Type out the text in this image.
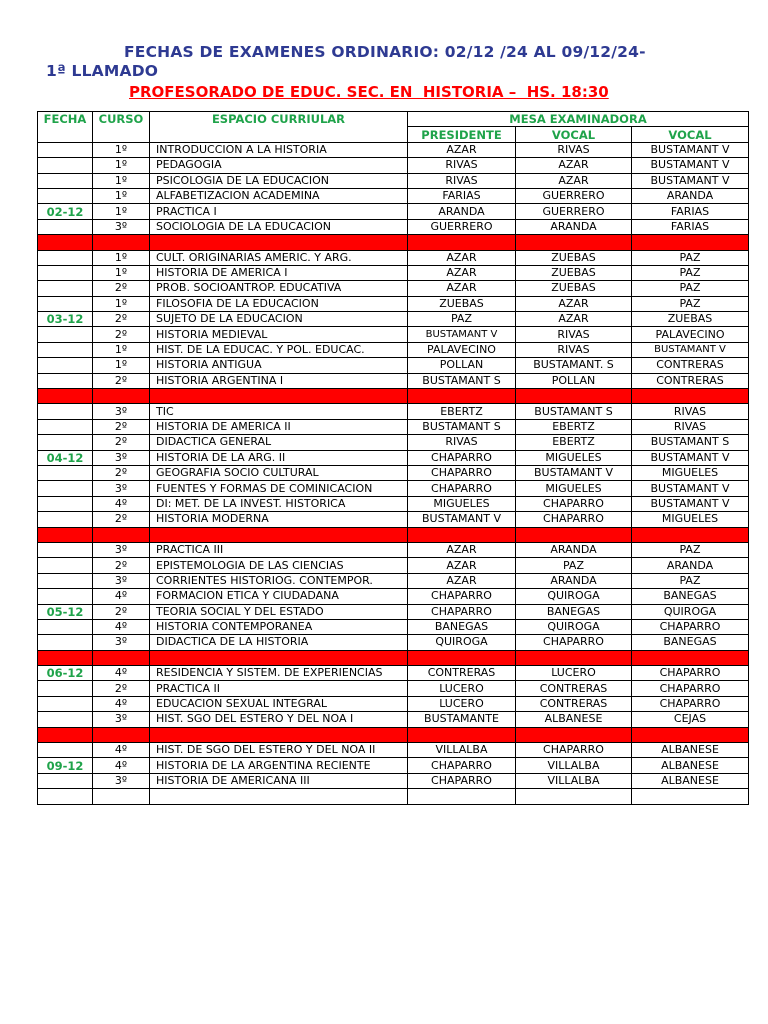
FECHAS DE EXAMENES ORDINARIO: 02/12 /24 AL 09/12/24-
1ª LLAMADO
PROFESORADO DE EDUC. SEC. EN  HISTORIA –  HS. 18:30
FECHA	CURSO	ESPACIO CURRIULAR	MESA EXAMINADORA		
			PRESIDENTE	VOCAL	VOCAL
	1º	INTRODUCCION A LA HISTORIA	AZAR	RIVAS	BUSTAMANT V
	1º	PEDAGOGIA	RIVAS	AZAR	BUSTAMANT V
	1º	PSICOLOGIA DE LA EDUCACION	RIVAS	AZAR	BUSTAMANT V
	1º	ALFABETIZACION ACADEMINA	FARIAS	GUERRERO	ARANDA
02-12	1º	PRACTICA I	ARANDA	GUERRERO	FARIAS
	3º	SOCIOLOGIA DE LA EDUCACION	GUERRERO	ARANDA	FARIAS

	1º	CULT. ORIGINARIAS AMERIC. Y ARG.	AZAR	ZUEBAS	PAZ
	1º	HISTORIA DE AMERICA I	AZAR	ZUEBAS	PAZ
	2º	PROB. SOCIOANTROP. EDUCATIVA	AZAR	ZUEBAS	PAZ
	1º	FILOSOFIA DE LA EDUCACION	ZUEBAS	AZAR	PAZ
03-12	2º	SUJETO DE LA EDUCACION	PAZ	AZAR	ZUEBAS
	2º	HISTORIA MEDIEVAL	BUSTAMANT V	RIVAS	PALAVECINO
	1º	HIST. DE LA EDUCAC. Y POL. EDUCAC.	PALAVECINO	RIVAS	BUSTAMANT V
	1º	HISTORIA ANTIGUA	POLLAN	BUSTAMANT. S	CONTRERAS
	2º	HISTORIA ARGENTINA I	BUSTAMANT S	POLLAN	CONTRERAS

	3º	TIC	EBERTZ	BUSTAMANT S	RIVAS
	2º	HISTORIA DE AMERICA II	BUSTAMANT S	EBERTZ	RIVAS
	2º	DIDACTICA GENERAL	RIVAS	EBERTZ	BUSTAMANT S
04-12	3º	HISTORIA DE LA ARG. II	CHAPARRO	MIGUELES	BUSTAMANT V
	2º	GEOGRAFIA SOCIO CULTURAL	CHAPARRO	BUSTAMANT V	MIGUELES
	3º	FUENTES Y FORMAS DE COMINICACION	CHAPARRO	MIGUELES	BUSTAMANT V
	4º	DI: MET. DE LA INVEST. HISTORICA	MIGUELES	CHAPARRO	BUSTAMANT V
	2º	HISTORIA MODERNA	BUSTAMANT V	CHAPARRO	MIGUELES

	3º	PRACTICA III	AZAR	ARANDA	PAZ
	2º	EPISTEMOLOGIA DE LAS CIENCIAS	AZAR	PAZ	ARANDA
	3º	CORRIENTES HISTORIOG. CONTEMPOR.	AZAR	ARANDA	PAZ
	4º	FORMACION ETICA Y CIUDADANA	CHAPARRO	QUIROGA	BANEGAS
05-12	2º	TEORIA SOCIAL Y DEL ESTADO	CHAPARRO	BANEGAS	QUIROGA
	4º	HISTORIA CONTEMPORANEA	BANEGAS	QUIROGA	CHAPARRO
	3º	DIDACTICA DE LA HISTORIA	QUIROGA	CHAPARRO	BANEGAS

06-12	4º	RESIDENCIA Y SISTEM. DE EXPERIENCIAS	CONTRERAS	LUCERO	CHAPARRO
	2º	PRACTICA II	LUCERO	CONTRERAS	CHAPARRO
	4º	EDUCACION SEXUAL INTEGRAL	LUCERO	CONTRERAS	CHAPARRO
	3º	HIST. SGO DEL ESTERO Y DEL NOA I	BUSTAMANTE	ALBANESE	CEJAS

	4º	HIST. DE SGO DEL ESTERO Y DEL NOA II	VILLALBA	CHAPARRO	ALBANESE
09-12	4º	HISTORIA DE LA ARGENTINA RECIENTE	CHAPARRO	VILLALBA	ALBANESE
	3º	HISTORIA DE AMERICANA III	CHAPARRO	VILLALBA	ALBANESE
